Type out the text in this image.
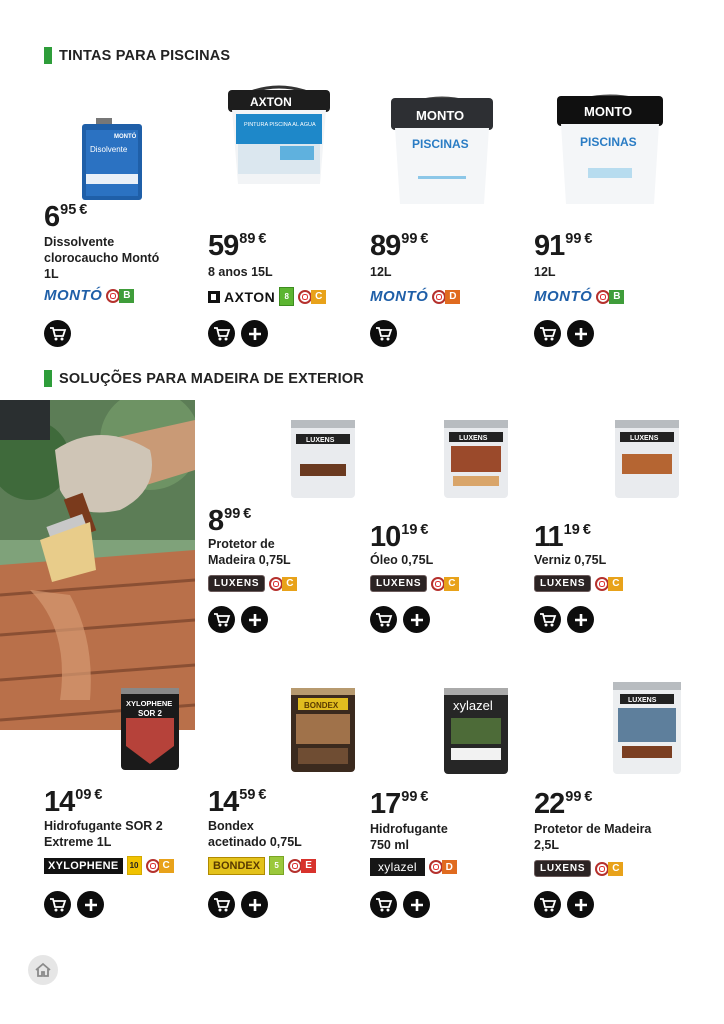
TINTAS PARA PISCINAS
SOLUÇÕES PARA MADEIRA DE EXTERIOR
Disolvente
MONTÓ
AXTON
PINTURA PISCINA AL AGUA
MONTO
PISCINAS
MONTO
PISCINAS
695 €
Dissolvente
clorocaucho Montó
1L
MONTÓ	B
5989 €
8 anos 15L
AXTON 8	C
8999 €
12L
MONTÓ	D
9199 €
12L
MONTÓ	B
LUXENS	LUXENS	LUXENS
899 €
Protetor de
Madeira 0,75L
LUXENS	C
1019 €
Óleo 0,75L
LUXENS	C
1119 €
Verniz 0,75L
LUXENS	C
XYLOPHENE
SOR 2
BONDEX	xylazel	LUXENS
1409 €
Hidrofugante SOR 2
Extreme 1L
XYLOPHENE	10	C
1459 €
Bondex
acetinado 0,75L
BONDEX	5	E
1799 €
Hidrofugante
750 ml
xylazel	D
2299 €
Protetor de Madeira
2,5L
LUXENS	C
